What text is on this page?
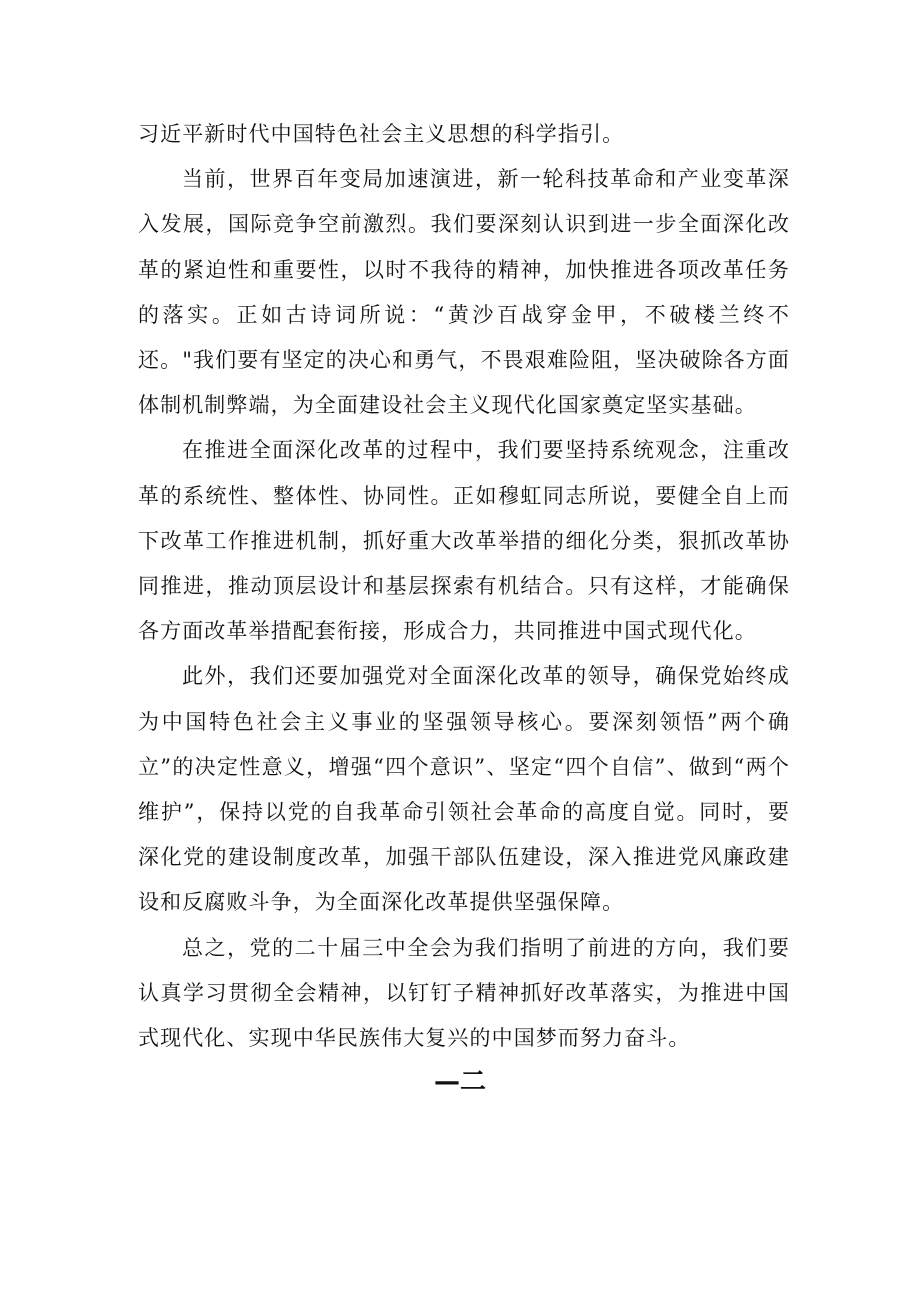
习近平新时代中国特色社会主义思想的科学指引。

当前，世界百年变局加速演进，新一轮科技革命和产业变革深入发展，国际竞争空前激烈。我们要深刻认识到进一步全面深化改革的紧迫性和重要性，以时不我待的精神，加快推进各项改革任务的落实。正如古诗词所说：“黄沙百战穿金甲，不破楼兰终不还。"我们要有坚定的决心和勇气，不畏艰难险阻，坚决破除各方面体制机制弊端，为全面建设社会主义现代化国家奠定坚实基础。

在推进全面深化改革的过程中，我们要坚持系统观念，注重改革的系统性、整体性、协同性。正如穆虹同志所说，要健全自上而下改革工作推进机制，抓好重大改革举措的细化分类，狠抓改革协同推进，推动顶层设计和基层探索有机结合。只有这样，才能确保各方面改革举措配套衔接，形成合力，共同推进中国式现代化。

此外，我们还要加强党对全面深化改革的领导，确保党始终成为中国特色社会主义事业的坚强领导核心。要深刻领悟”两个确立”的决定性意义，增强“四个意识”、坚定“四个自信”、做到“两个维护”，保持以党的自我革命引领社会革命的高度自觉。同时，要深化党的建设制度改革，加强干部队伍建设，深入推进党风廉政建设和反腐败斗争，为全面深化改革提供坚强保障。

总之，党的二十届三中全会为我们指明了前进的方向，我们要认真学习贯彻全会精神，以钉钉子精神抓好改革落实，为推进中国式现代化、实现中华民族伟大复兴的中国梦而努力奋斗。

—二
